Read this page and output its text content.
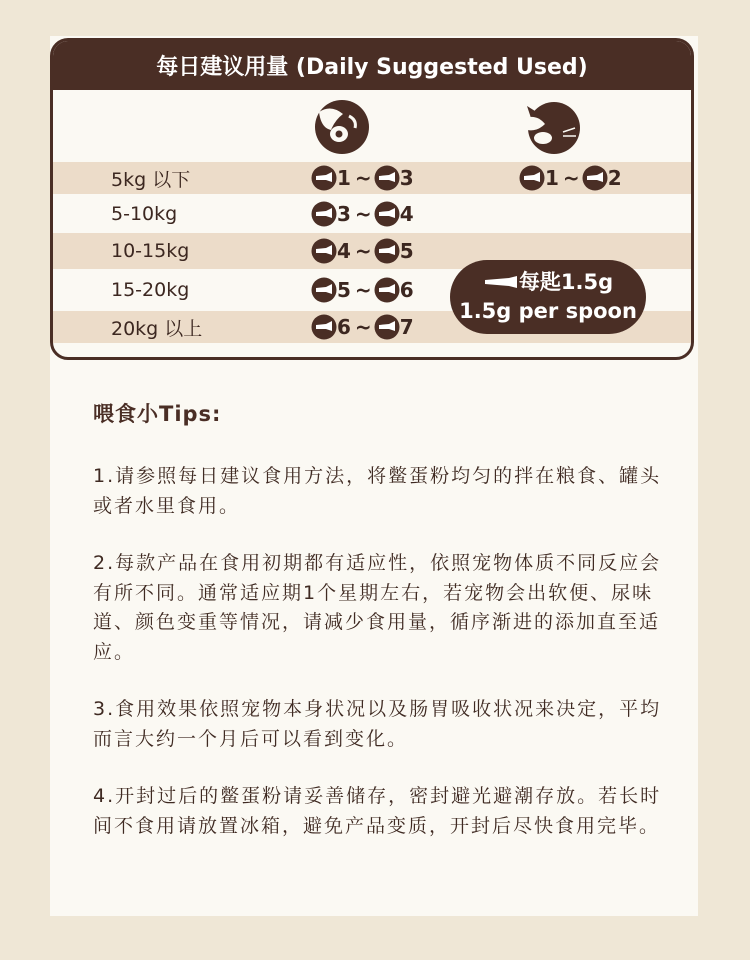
每日建议用量 (Daily Suggested Used)
5kg 以下	1 ~ 3	1 ~ 2
5-10kg	3 ~ 4
10-15kg	4 ~ 5
15-20kg	5 ~ 6
20kg 以上	6 ~ 7
每匙1.5g
1.5g per spoon

喂食小Tips:

1.请参照每日建议食用方法，将鳖蛋粉均匀的拌在粮食、罐头或者水里食用。

2.每款产品在食用初期都有适应性，依照宠物体质不同反应会有所不同。通常适应期1个星期左右，若宠物会出软便、尿味道、颜色变重等情况，请减少食用量，循序渐进的添加直至适应。

3.食用效果依照宠物本身状况以及肠胃吸收状况来决定，平均而言大约一个月后可以看到变化。

4.开封过后的鳖蛋粉请妥善储存，密封避光避潮存放。若长时间不食用请放置冰箱，避免产品变质，开封后尽快食用完毕。
